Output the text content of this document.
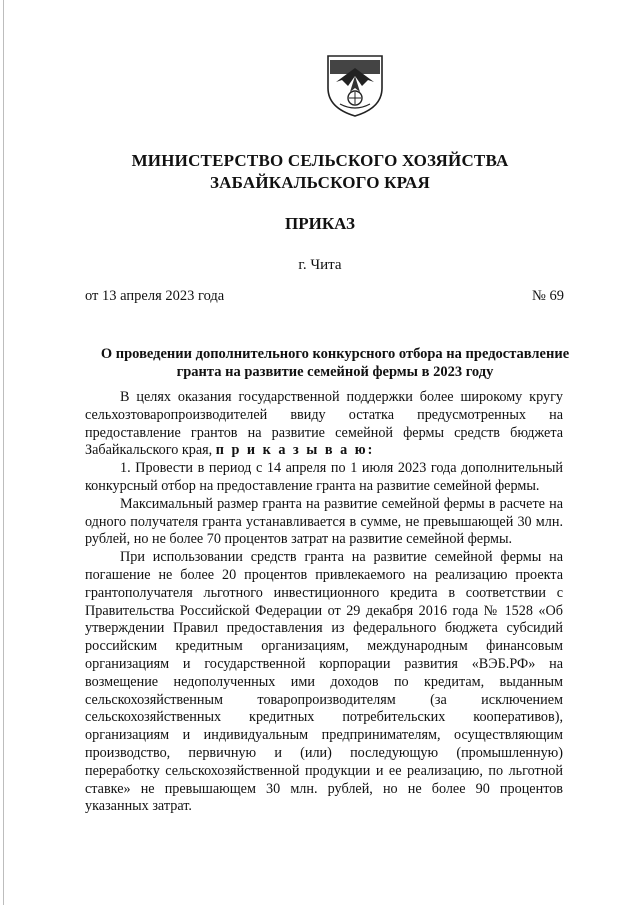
МИНИСТЕРСТВО СЕЛЬСКОГО ХОЗЯЙСТВА
ЗАБАЙКАЛЬСКОГО КРАЯ
ПРИКАЗ
г. Чита
от 13 апреля 2023 года	№ 69
О проведении дополнительного конкурсного отбора на предоставление
гранта на развитие семейной фермы в 2023 году

В целях оказания государственной поддержки более широкому кругу сельхозтоваропроизводителей ввиду остатка предусмотренных на предоставление грантов на развитие семейной фермы средств бюджета Забайкальского края, п р и к а з ы в а ю:

1. Провести в период с 14 апреля по 1 июля 2023 года дополнительный конкурсный отбор на предоставление гранта на развитие семейной фермы.

Максимальный размер гранта на развитие семейной фермы в расчете на одного получателя гранта устанавливается в сумме, не превышающей 30 млн. рублей, но не более 70 процентов затрат на развитие семейной фермы.

При использовании средств гранта на развитие семейной фермы на погашение не более 20 процентов привлекаемого на реализацию проекта грантополучателя льготного инвестиционного кредита в соответствии с Правительства Российской Федерации от 29 декабря 2016 года № 1528 «Об утверждении Правил предоставления из федерального бюджета субсидий российским кредитным организациям, международным финансовым организациям и государственной корпорации развития «ВЭБ.РФ» на возмещение недополученных ими доходов по кредитам, выданным сельскохозяйственным товаропроизводителям (за исключением сельскохозяйственных кредитных потребительских кооперативов), организациям и индивидуальным предпринимателям, осуществляющим производство, первичную и (или) последующую (промышленную) переработку сельскохозяйственной продукции и ее реализацию, по льготной ставке» не превышающем 30 млн. рублей, но не более 90 процентов указанных затрат.
